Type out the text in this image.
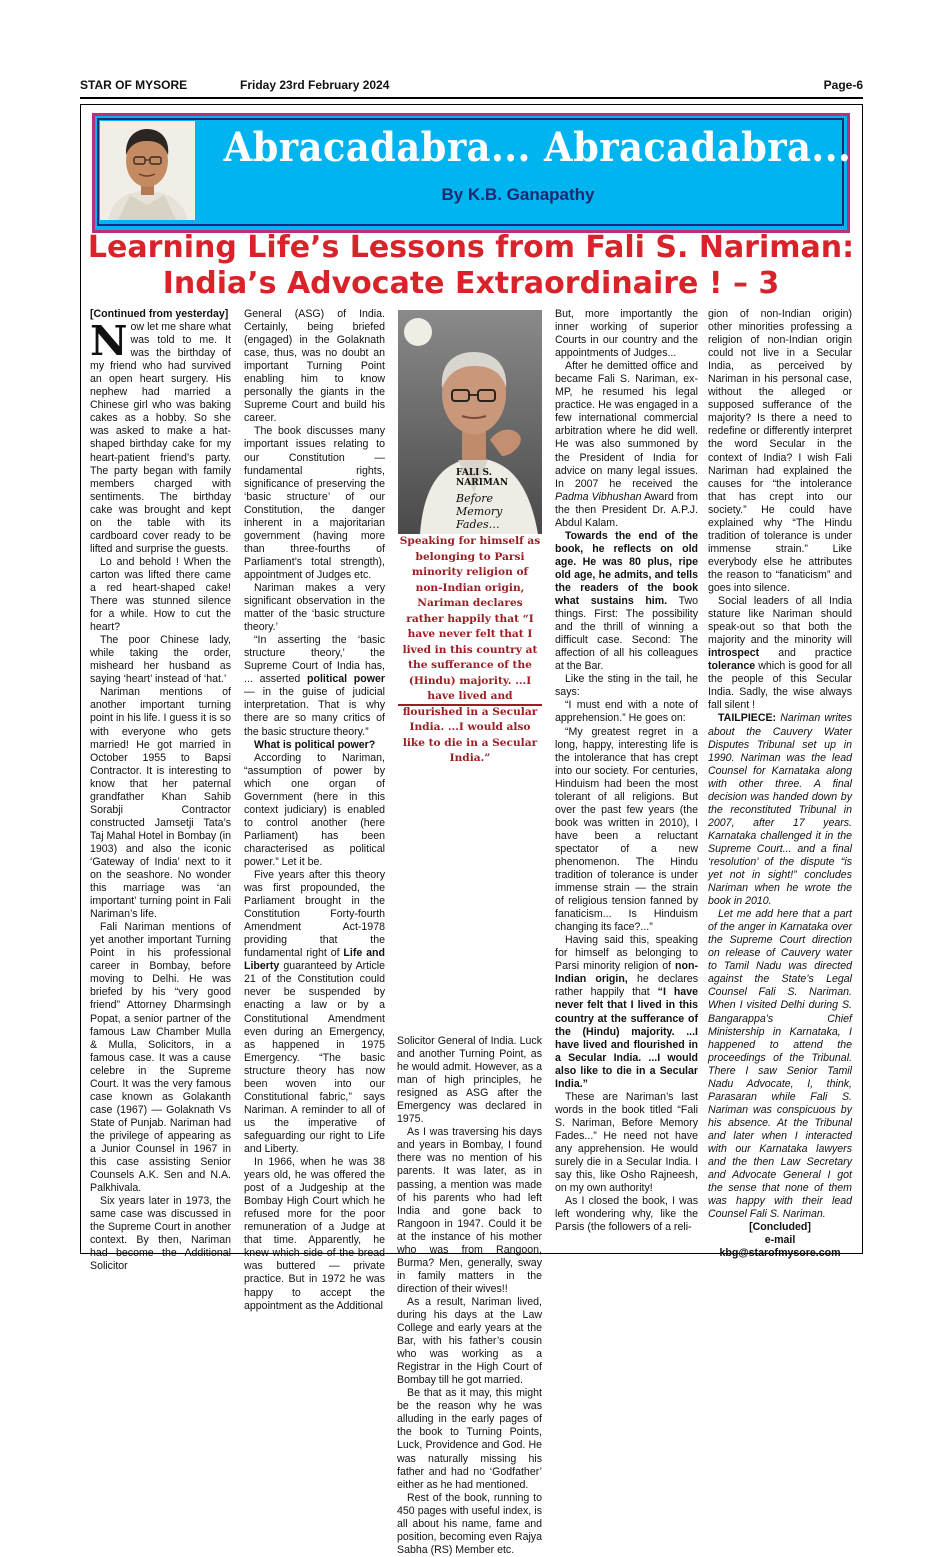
STAR OF MYSORE	Friday 23rd February 2024	Page-6
Abracadabra... Abracadabra...
By K.B. Ganapathy
Learning Life’s Lessons from Fali S. Nariman:
India’s Advocate Extraordinaire ! – 3

[Continued from yesterday]

Now let me share what was told to me. It was the birthday of my friend who had survived an open heart surgery. His nephew had married a Chinese girl who was baking cakes as a hobby. So she was asked to make a hat-shaped birthday cake for my heart-patient friend’s party. The party began with family members charged with sentiments. The birthday cake was brought and kept on the table with its cardboard cover ready to be lifted and surprise the guests.

Lo and behold ! When the carton was lifted there came a red heart-shaped cake! There was stunned silence for a while. How to cut the heart?

The poor Chinese lady, while taking the order, misheard her husband as saying ‘heart’ instead of ‘hat.’

Nariman mentions of another important turning point in his life. I guess it is so with everyone who gets married! He got married in October 1955 to Bapsi Contractor. It is interesting to know that her paternal grandfather Khan Sahib Sorabji Contractor constructed Jamsetji Tata’s Taj Mahal Hotel in Bombay (in 1903) and also the iconic ‘Gateway of India’ next to it on the seashore. No wonder this marriage was ‘an important’ turning point in Fali Nariman’s life.

Fali Nariman mentions of yet another important Turning Point in his professional career in Bombay, before moving to Delhi. He was briefed by his “very good friend” Attorney Dharmsingh Popat, a senior partner of the famous Law Chamber Mulla & Mulla, Solicitors, in a famous case. It was a cause celebre in the Supreme Court. It was the very famous case known as Golakanth case (1967) — Golaknath Vs State of Punjab. Nariman had the privilege of appearing as a Junior Counsel in 1967 in this case assisting Senior Counsels A.K. Sen and N.A. Palkhivala.

Six years later in 1973, the same case was discussed in the Supreme Court in another context. By then, Nariman had become the Additional Solicitor

General (ASG) of India. Certainly, being briefed (engaged) in the Golaknath case, thus, was no doubt an important Turning Point enabling him to know personally the giants in the Supreme Court and build his career.

The book discusses many important issues relating to our Constitution — fundamental rights, significance of preserving the ‘basic structure’ of our Constitution, the danger inherent in a majoritarian government (having more than three-fourths of Parliament’s total strength), appointment of Judges etc.

Nariman makes a very significant observation in the matter of the ‘basic structure theory.’

“In asserting the ‘basic structure theory,’ the Supreme Court of India has, ... asserted political power — in the guise of judicial interpretation. That is why there are so many critics of the basic structure theory.”

What is political power?

According to Nariman, “assumption of power by which one organ of Government (here in this context judiciary) is enabled to control another (here Parliament) has been characterised as political power.” Let it be.

Five years after this theory was first propounded, the Parliament brought in the Constitution Forty-fourth Amendment Act-1978 providing that the fundamental right of Life and Liberty guaranteed by Article 21 of the Constitution could never be suspended by enacting a law or by a Constitutional Amendment even during an Emergency, as happened in 1975 Emergency. “The basic structure theory has now been woven into our Constitutional fabric,” says Nariman. A reminder to all of us the imperative of safeguarding our right to Life and Liberty.

In 1966, when he was 38 years old, he was offered the post of a Judgeship at the Bombay High Court which he refused more for the poor remuneration of a Judge at that time. Apparently, he knew which side of the bread was buttered — private practice. But in 1972 he was happy to accept the appointment as the Additional

FALI S. NARIMAN
Before Memory Fades…
Speaking for himself as belonging to Parsi minority religion of non-Indian origin, Nariman declares rather happily that “I have never felt that I lived in this country at the sufferance of the (Hindu) majority. ...I have lived and flourished in a Secular India. ...I would also like to die in a Secular India.”

Solicitor General of India. Luck and another Turning Point, as he would admit. However, as a man of high principles, he resigned as ASG after the Emergency was declared in 1975.

As I was traversing his days and years in Bombay, I found there was no mention of his parents. It was later, as in passing, a mention was made of his parents who had left India and gone back to Rangoon in 1947. Could it be at the instance of his mother who was from Rangoon, Burma? Men, generally, sway in family matters in the direction of their wives!!

As a result, Nariman lived, during his days at the Law College and early years at the Bar, with his father’s cousin who was working as a Registrar in the High Court of Bombay till he got married.

Be that as it may, this might be the reason why he was alluding in the early pages of the book to Turning Points, Luck, Providence and God. He was naturally missing his father and had no ‘Godfather’ either as he had mentioned.

Rest of the book, running to 450 pages with useful index, is all about his name, fame and position, becoming even Rajya Sabha (RS) Member etc.

But, more importantly the inner working of superior Courts in our country and the appointments of Judges...

After he demitted office and became Fali S. Nariman, ex-MP, he resumed his legal practice. He was engaged in a few international commercial arbitration where he did well. He was also summoned by the President of India for advice on many legal issues. In 2007 he received the Padma Vibhushan Award from the then President Dr. A.P.J. Abdul Kalam.

Towards the end of the book, he reflects on old age. He was 80 plus, ripe old age, he admits, and tells the readers of the book what sustains him. Two things. First: The possibility and the thrill of winning a difficult case. Second: The affection of all his colleagues at the Bar.

Like the sting in the tail, he says:

“I must end with a note of apprehension.” He goes on:

“My greatest regret in a long, happy, interesting life is the intolerance that has crept into our society. For centuries, Hinduism had been the most tolerant of all religions. But over the past few years (the book was written in 2010), I have been a reluctant spectator of a new phenomenon. The Hindu tradition of tolerance is under immense strain — the strain of religious tension fanned by fanaticism... Is Hinduism changing its face?...”

Having said this, speaking for himself as belonging to Parsi minority religion of non-Indian origin, he declares rather happily that “I have never felt that I lived in this country at the sufferance of the (Hindu) majority. ...I have lived and flourished in a Secular India. ...I would also like to die in a Secular India.”

These are Nariman’s last words in the book titled “Fali S. Nariman, Before Memory Fades...” He need not have any apprehension. He would surely die in a Secular India. I say this, like Osho Rajneesh, on my own authority!

As I closed the book, I was left wondering why, like the Parsis (the followers of a reli-

gion of non-Indian origin) other minorities professing a religion of non-Indian origin could not live in a Secular India, as perceived by Nariman in his personal case, without the alleged or supposed sufferance of the majority? Is there a need to redefine or differently interpret the word Secular in the context of India? I wish Fali Nariman had explained the causes for “the intolerance that has crept into our society.” He could have explained why “The Hindu tradition of tolerance is under immense strain.” Like everybody else he attributes the reason to “fanaticism” and goes into silence.

Social leaders of all India stature like Nariman should speak-out so that both the majority and the minority will introspect and practice tolerance which is good for all the people of this Secular India. Sadly, the wise always fall silent !

TAILPIECE: Nariman writes about the Cauvery Water Disputes Tribunal set up in 1990. Nariman was the lead Counsel for Karnataka along with other three. A final decision was handed down by the reconstituted Tribunal in 2007, after 17 years. Karnataka challenged it in the Supreme Court... and a final ‘resolution’ of the dispute “is yet not in sight!” concludes Nariman when he wrote the book in 2010.

Let me add here that a part of the anger in Karnataka over the Supreme Court direction on release of Cauvery water to Tamil Nadu was directed against the State’s Legal Counsel Fali S. Nariman. When I visited Delhi during S. Bangarappa’s Chief Ministership in Karnataka, I happened to attend the proceedings of the Tribunal. There I saw Senior Tamil Nadu Advocate, I, think, Parasaran while Fali S. Nariman was conspicuous by his absence. At the Tribunal and later when I interacted with our Karnataka lawyers and the then Law Secretary and Advocate General I got the sense that none of them was happy with their lead Counsel Fali S. Nariman.

[Concluded]

e-mail

kbg@starofmysore.com
